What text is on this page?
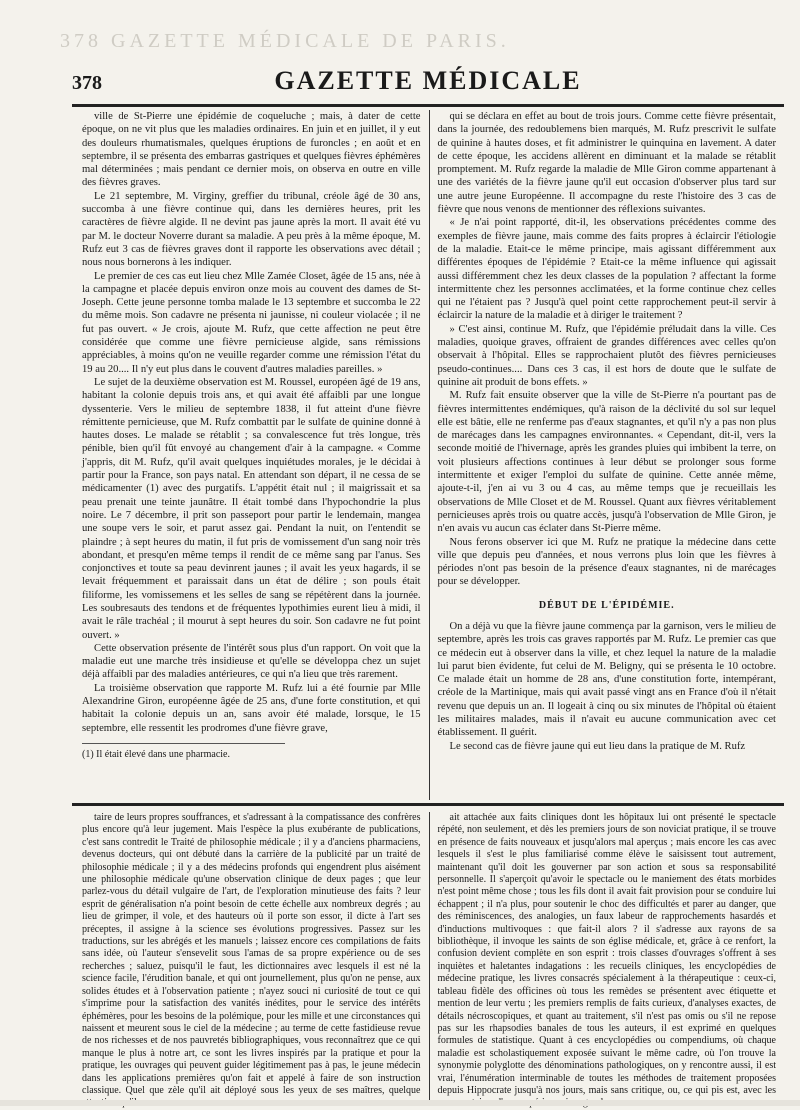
378 GAZETTE MÉDICALE DE PARIS.
378	GAZETTE MÉDICALE

ville de St-Pierre une épidémie de coqueluche ; mais, à dater de cette époque, on ne vit plus que les maladies ordinaires. En juin et en juillet, il y eut des douleurs rhumatismales, quelques éruptions de furoncles ; en août et en septembre, il se présenta des embarras gastriques et quelques fièvres éphémères mal déterminées ; mais pendant ce dernier mois, on observa en outre en ville des fièvres graves.

Le 21 septembre, M. Virginy, greffier du tribunal, créole âgé de 30 ans, succomba à une fièvre continue qui, dans les dernières heures, prit les caractères de fièvre algide. Il ne devint pas jaune après la mort. Il avait été vu par M. le docteur Noverre durant sa maladie. A peu près à la même époque, M. Rufz eut 3 cas de fièvres graves dont il rapporte les observations avec détail ; nous nous bornerons à les indiquer.

Le premier de ces cas eut lieu chez Mlle Zamée Closet, âgée de 15 ans, née à la campagne et placée depuis environ onze mois au couvent des dames de St-Joseph. Cette jeune personne tomba malade le 13 septembre et succomba le 22 du même mois. Son cadavre ne présenta ni jaunisse, ni couleur violacée ; il ne fut pas ouvert. « Je crois, ajoute M. Rufz, que cette affection ne peut être considérée que comme une fièvre pernicieuse algide, sans rémissions appréciables, à moins qu'on ne veuille regarder comme une rémission l'état du 19 au 20.... Il n'y eut plus dans le couvent d'autres maladies pareilles. »

Le sujet de la deuxième observation est M. Roussel, européen âgé de 19 ans, habitant la colonie depuis trois ans, et qui avait été affaibli par une longue dyssenterie. Vers le milieu de septembre 1838, il fut atteint d'une fièvre rémittente pernicieuse, que M. Rufz combattit par le sulfate de quinine donné à hautes doses. Le malade se rétablit ; sa convalescence fut très longue, très pénible, bien qu'il fût envoyé au changement d'air à la campagne. « Comme j'appris, dit M. Rufz, qu'il avait quelques inquiétudes morales, je le décidai à partir pour la France, son pays natal. En attendant son départ, il ne cessa de se médicamenter (1) avec des purgatifs. L'appétit était nul ; il maigrissait et sa peau prenait une teinte jaunâtre. Il était tombé dans l'hypochondrie la plus noire. Le 7 décembre, il prit son passeport pour partir le lendemain, mangea une soupe vers le soir, et parut assez gai. Pendant la nuit, on l'entendit se plaindre ; à sept heures du matin, il fut pris de vomissement d'un sang noir très abondant, et presqu'en même temps il rendit de ce même sang par l'anus. Ses conjonctives et toute sa peau devinrent jaunes ; il avait les yeux hagards, il se levait fréquemment et paraissait dans un état de délire ; son pouls était filiforme, les vomissemens et les selles de sang se répétèrent dans la journée. Les soubresauts des tendons et de fréquentes lypothimies eurent lieu à midi, il avait le râle trachéal ; il mourut à sept heures du soir. Son cadavre ne fut point ouvert. »

Cette observation présente de l'intérêt sous plus d'un rapport. On voit que la maladie eut une marche très insidieuse et qu'elle se développa chez un sujet déjà affaibli par des maladies antérieures, ce qui n'a lieu que très rarement.

La troisième observation que rapporte M. Rufz lui a été fournie par Mlle Alexandrine Giron, européenne âgée de 25 ans, d'une forte constitution, et qui habitait la colonie depuis un an, sans avoir été malade, lorsque, le 15 septembre, elle ressentit les prodromes d'une fièvre grave,

(1) Il était élevé dans une pharmacie.

qui se déclara en effet au bout de trois jours. Comme cette fièvre présentait, dans la journée, des redoublemens bien marqués, M. Rufz prescrivit le sulfate de quinine à hautes doses, et fit administrer le quinquina en lavement. A dater de cette époque, les accidens allèrent en diminuant et la malade se rétablit promptement. M. Rufz regarde la maladie de Mlle Giron comme appartenant à une des variétés de la fièvre jaune qu'il eut occasion d'observer plus tard sur une autre jeune Européenne. Il accompagne du reste l'histoire des 3 cas de fièvre que nous venons de mentionner des réflexions suivantes.

« Je n'ai point rapporté, dit-il, les observations précédentes comme des exemples de fièvre jaune, mais comme des faits propres à éclaircir l'étiologie de la maladie. Etait-ce le même principe, mais agissant différemment aux différentes époques de l'épidémie ? Etait-ce la même influence qui agissait aussi différemment chez les deux classes de la population ? affectant la forme intermittente chez les personnes acclimatées, et la forme continue chez celles qui ne l'étaient pas ? Jusqu'à quel point cette rapprochement peut-il servir à éclaircir la nature de la maladie et à diriger le traitement ?

» C'est ainsi, continue M. Rufz, que l'épidémie préludait dans la ville. Ces maladies, quoique graves, offraient de grandes différences avec celles qu'on observait à l'hôpital. Elles se rapprochaient plutôt des fièvres pernicieuses pseudo-continues.... Dans ces 3 cas, il est hors de doute que le sulfate de quinine ait produit de bons effets. »

M. Rufz fait ensuite observer que la ville de St-Pierre n'a pourtant pas de fièvres intermittentes endémiques, qu'à raison de la déclivité du sol sur lequel elle est bâtie, elle ne renferme pas d'eaux stagnantes, et qu'il n'y a pas non plus de marécages dans les campagnes environnantes. « Cependant, dit-il, vers la seconde moitié de l'hivernage, après les grandes pluies qui imbibent la terre, on voit plusieurs affections continues à leur début se prolonger sous forme intermittente et exiger l'emploi du sulfate de quinine. Cette année même, ajoute-t-il, j'en ai vu 3 ou 4 cas, au même temps que je recueillais les observations de Mlle Closet et de M. Roussel. Quant aux fièvres véritablement pernicieuses après trois ou quatre accès, jusqu'à l'observation de Mlle Giron, je n'en avais vu aucun cas éclater dans St-Pierre même.

Nous ferons observer ici que M. Rufz ne pratique la médecine dans cette ville que depuis peu d'années, et nous verrons plus loin que les fièvres à périodes n'ont pas besoin de la présence d'eaux stagnantes, ni de marécages pour se développer.

DÉBUT DE L'ÉPIDÉMIE.

On a déjà vu que la fièvre jaune commença par la garnison, vers le milieu de septembre, après les trois cas graves rapportés par M. Rufz. Le premier cas que ce médecin eut à observer dans la ville, et chez lequel la nature de la maladie lui parut bien évidente, fut celui de M. Beligny, qui se présenta le 10 octobre. Ce malade était un homme de 28 ans, d'une constitution forte, intempérant, créole de la Martinique, mais qui avait passé vingt ans en France d'où il n'était revenu que depuis un an. Il logeait à cinq ou six minutes de l'hôpital où étaient les militaires malades, mais il n'avait eu aucune communication avec cet établissement. Il guérit.

Le second cas de fièvre jaune qui eut lieu dans la pratique de M. Rufz

taire de leurs propres souffrances, et s'adressant à la compatissance des confrères plus encore qu'à leur jugement. Mais l'espèce la plus exubérante de publications, c'est sans contredit le Traité de philosophie médicale ; il y a d'anciens pharmaciens, devenus docteurs, qui ont débuté dans la carrière de la publicité par un traité de philosophie médicale ; il y a des médecins profonds qui engendrent plus aisément une philosophie médicale qu'une observation clinique de deux pages ; que leur parlez-vous du détail vulgaire de l'art, de l'exploration minutieuse des faits ? leur esprit de généralisation n'a point besoin de cette échelle aux nombreux degrés ; au lieu de grimper, il vole, et des hauteurs où il porte son essor, il dicte à l'art ses préceptes, il assigne à la science ses évolutions progressives. Passez sur les traductions, sur les abrégés et les manuels ; laissez encore ces compilations de faits sans idée, où l'auteur s'ensevelit sous l'amas de sa propre expérience ou de ses recherches ; saluez, puisqu'il le faut, les dictionnaires avec lesquels il est né la science facile, l'érudition banale, et qui ont journellement, plus qu'on ne pense, aux solides études et à l'observation patiente ; n'ayez souci ni curiosité de tout ce qui s'imprime pour la satisfaction des vanités inédites, pour le service des intérêts éphémères, pour les besoins de la polémique, pour les mille et une circonstances qui naissent et meurent sous le ciel de la médecine ; au terme de cette fastidieuse revue de nos richesses et de nos pauvretés bibliographiques, vous reconnaîtrez que ce qui manque le plus à notre art, ce sont les livres inspirés par la pratique et pour la pratique, les ouvrages qui peuvent guider légitimement pas à pas, le jeune médecin dans les applications premières qu'on fait et appelé à faire de son instruction classique. Quel que zèle qu'il ait déployé sous les yeux de ses maîtres, quelque

ait attachée aux faits cliniques dont les hôpitaux lui ont présenté le spectacle répété, non seulement, et dès les premiers jours de son noviciat pratique, il se trouve en présence de faits nouveaux et jusqu'alors mal aperçus ; mais encore les cas avec lesquels il s'est le plus familiarisé comme élève le saisissent tout autrement, maintenant qu'il doit les gouverner par son action et sous sa responsabilité personnelle. Il s'aperçoit qu'avoir le spectacle ou le maniement des états morbides n'est point même chose ; tous les fils dont il avait fait provision pour se conduire lui échappent ; il n'a plus, pour soutenir le choc des difficultés et parer au danger, que des réminiscences, des analogies, un faux labeur de rapprochements hasardés et d'inductions multivoques : que fait-il alors ? il s'adresse aux rayons de sa bibliothèque, il invoque les saints de son église médicale, et, grâce à ce renfort, la confusion devient complète en son esprit : trois classes d'ouvrages s'offrent à ses inquiètes et haletantes indagations : les recueils cliniques, les encyclopédies de médecine pratique, les livres consacrés spécialement à la thérapeutique : ceux-ci, tableau fidèle des officines où tous les remèdes se présentent avec étiquette et mention de leur vertu ; les premiers remplis de faits curieux, d'analyses exactes, de détails nécroscopiques, et quant au traitement, s'il n'est pas omis ou s'il ne repose pas sur les rhapsodies banales de tous les auteurs, il est exprimé en quelques formules de statistique. Quant à ces encyclopédies ou compendiums, où chaque maladie est scholastiquement exposée suivant le même cadre, où l'on trouve la synonymie polyglotte des dénominations pathologiques, on y rencontre aussi, il est vrai, l'énumération interminable de toutes les méthodes de traitement proposées depuis Hippocrate jusqu'à nos jours, mais sans critique, ou, ce qui pis est, avec les
